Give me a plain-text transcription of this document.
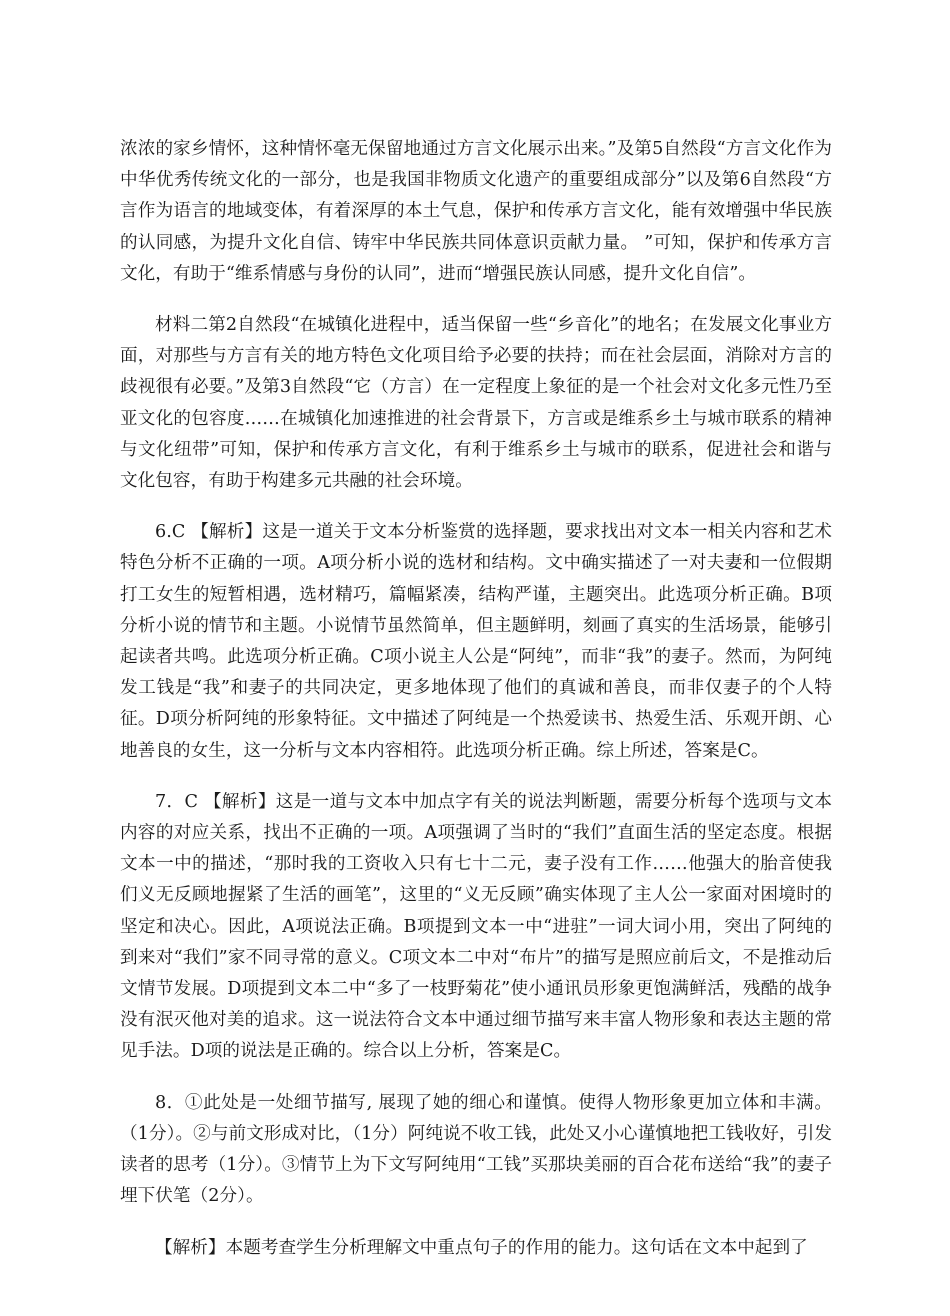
浓浓的家乡情怀，这种情怀毫无保留地通过方言文化展示出来。”及第5自然段“方言文化作为中华优秀传统文化的一部分，也是我国非物质文化遗产的重要组成部分”以及第6自然段“方言作为语言的地域变体，有着深厚的本土气息，保护和传承方言文化，能有效增强中华民族的认同感，为提升文化自信、铸牢中华民族共同体意识贡献力量。 ”可知，保护和传承方言文化，有助于“维系情感与身份的认同”，进而“增强民族认同感，提升文化自信”。

材料二第2自然段“在城镇化进程中，适当保留一些“乡音化”的地名；在发展文化事业方面，对那些与方言有关的地方特色文化项目给予必要的扶持；而在社会层面，消除对方言的歧视很有必要。”及第3自然段“它（方言）在一定程度上象征的是一个社会对文化多元性乃至亚文化的包容度……在城镇化加速推进的社会背景下，方言或是维系乡土与城市联系的精神与文化纽带”可知，保护和传承方言文化，有利于维系乡土与城市的联系，促进社会和谐与文化包容，有助于构建多元共融的社会环境。

6.C 【解析】这是一道关于文本分析鉴赏的选择题，要求找出对文本一相关内容和艺术特色分析不正确的一项。A项分析小说的选材和结构。文中确实描述了一对夫妻和一位假期打工女生的短暂相遇，选材精巧，篇幅紧凑，结构严谨，主题突出。此选项分析正确。B项分析小说的情节和主题。小说情节虽然简单，但主题鲜明，刻画了真实的生活场景，能够引起读者共鸣。此选项分析正确。C项小说主人公是“阿纯”，而非“我”的妻子。然而，为阿纯发工钱是“我”和妻子的共同决定，更多地体现了他们的真诚和善良，而非仅妻子的个人特征。D项分析阿纯的形象特征。文中描述了阿纯是一个热爱读书、热爱生活、乐观开朗、心地善良的女生，这一分析与文本内容相符。此选项分析正确。综上所述，答案是C。

7．C 【解析】这是一道与文本中加点字有关的说法判断题，需要分析每个选项与文本内容的对应关系，找出不正确的一项。A项强调了当时的“我们”直面生活的坚定态度。根据文本一中的描述，“那时我的工资收入只有七十二元，妻子没有工作……他强大的胎音使我们义无反顾地握紧了生活的画笔”，这里的“义无反顾”确实体现了主人公一家面对困境时的坚定和决心。因此，A项说法正确。B项提到文本一中“进驻”一词大词小用，突出了阿纯的到来对“我们”家不同寻常的意义。C项文本二中对“布片”的描写是照应前后文，不是推动后文情节发展。D项提到文本二中“多了一枝野菊花”使小通讯员形象更饱满鲜活，残酷的战争没有泯灭他对美的追求。这一说法符合文本中通过细节描写来丰富人物形象和表达主题的常见手法。D项的说法是正确的。综合以上分析，答案是C。

8．①此处是一处细节描写, 展现了她的细心和谨慎。使得人物形象更加立体和丰满。（1分）。②与前文形成对比，（1分）阿纯说不收工钱，此处又小心谨慎地把工钱收好，引发读者的思考（1分）。③情节上为下文写阿纯用“工钱”买那块美丽的百合花布送给“我”的妻子埋下伏笔（2分）。

【解析】本题考查学生分析理解文中重点句子的作用的能力。这句话在文本中起到了
